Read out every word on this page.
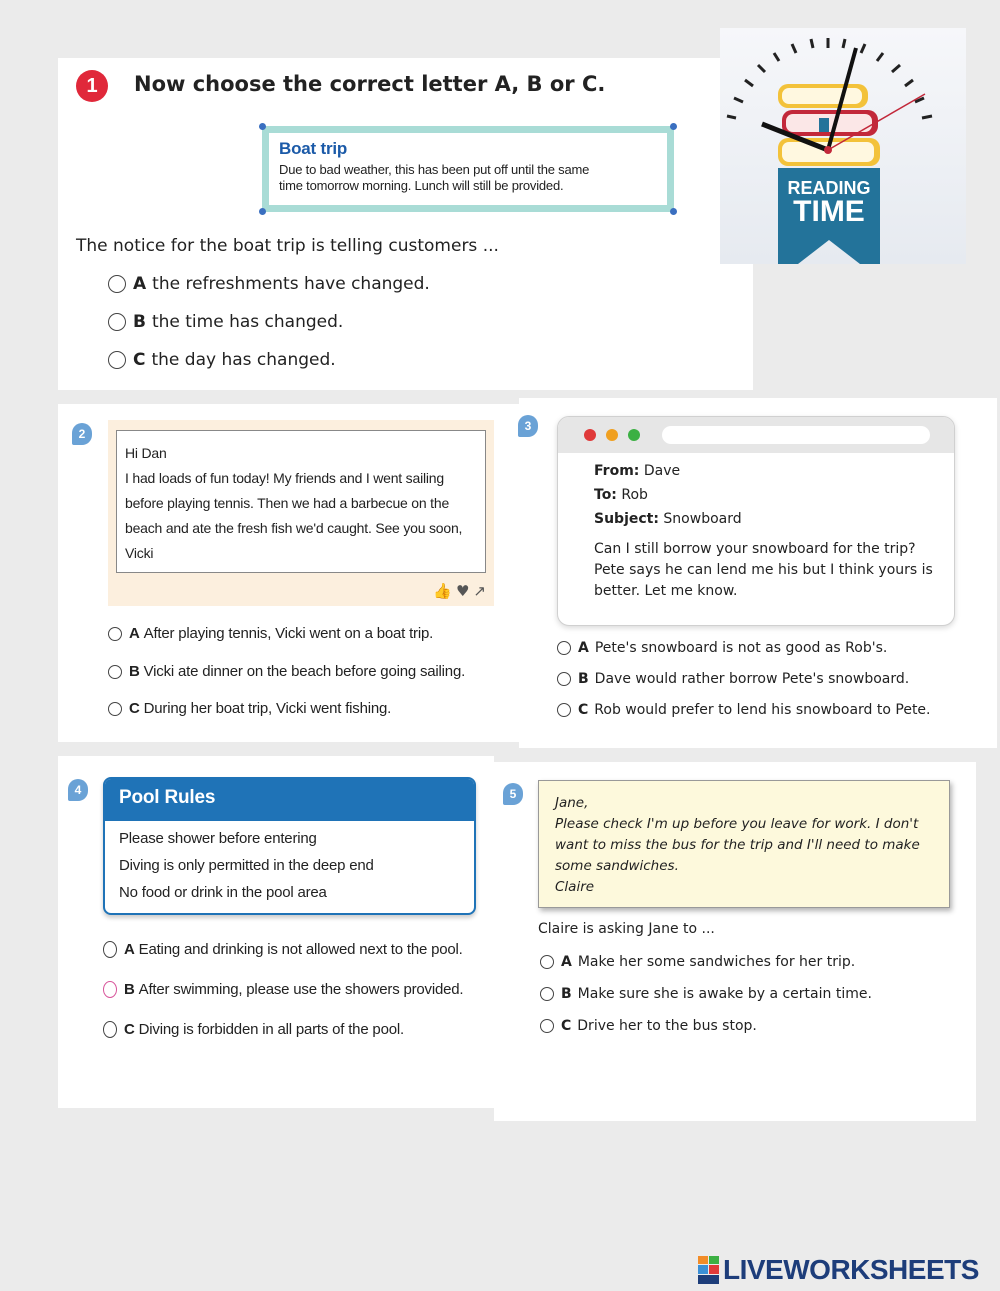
1 Now choose the correct letter A, B or C.
Boat trip
Due to bad weather, this has been put off until the same
time tomorrow morning. Lunch will still be provided.
The notice for the boat trip is telling customers ...
A the refreshments have changed.
B the time has changed.
C the day has changed.
READING
TIME
2
Hi Dan
I had loads of fun today! My friends and I went sailing
before playing tennis. Then we had a barbecue on the
beach and ate the fresh fish we'd caught. See you soon,
Vicki
👍 ♥ ↗
A After playing tennis, Vicki went on a boat trip.
B Vicki ate dinner on the beach before going sailing.
C During her boat trip, Vicki went fishing.
3
From: Dave
To: Rob
Subject: Snowboard
Can I still borrow your snowboard for the trip?
Pete says he can lend me his but I think yours is
better. Let me know.
A Pete's snowboard is not as good as Rob's.
B Dave would rather borrow Pete's snowboard.
C Rob would prefer to lend his snowboard to Pete.
4	Pool Rules
Please shower before entering
Diving is only permitted in the deep end
No food or drink in the pool area
A Eating and drinking is not allowed next to the pool.
B After swimming, please use the showers provided.
C Diving is forbidden in all parts of the pool.
5
Jane,
Please check I'm up before you leave for work. I don't
want to miss the bus for the trip and I'll need to make
some sandwiches.
Claire
Claire is asking Jane to ...
A Make her some sandwiches for her trip.
B Make sure she is awake by a certain time.
C Drive her to the bus stop.
LIVEWORKSHEETS
